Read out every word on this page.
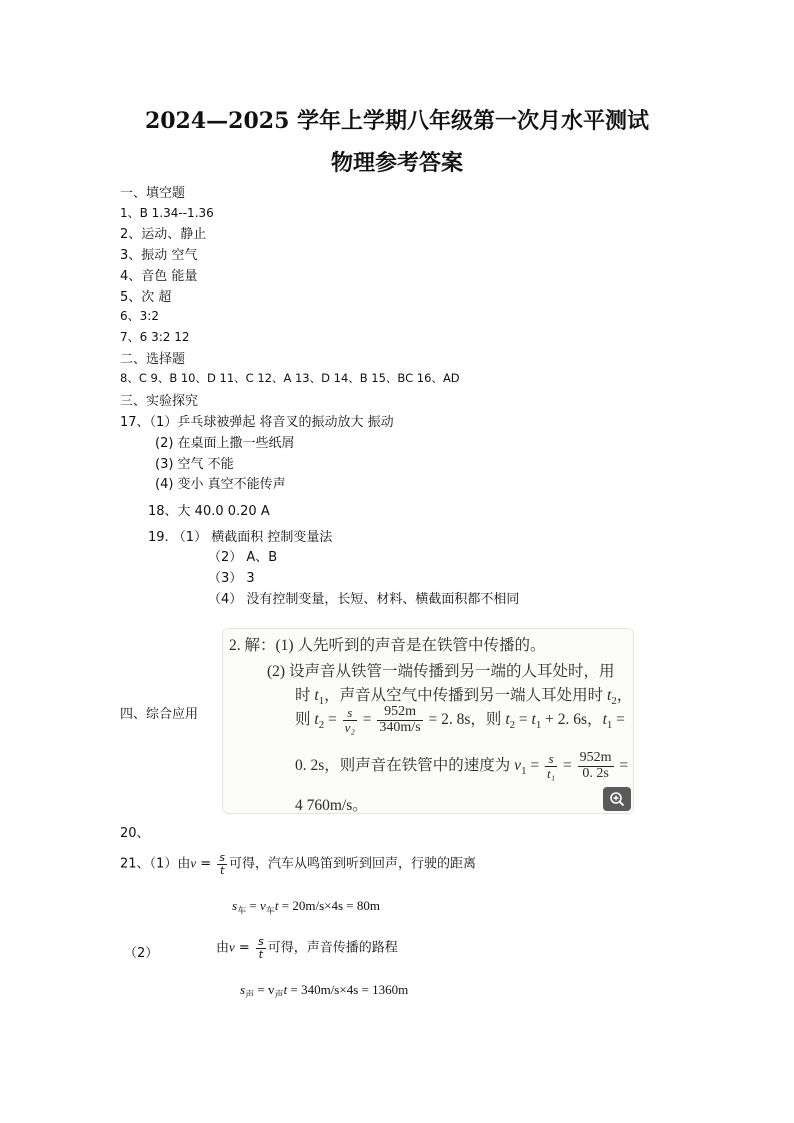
2024—2025 学年上学期八年级第一次月水平测试
物理参考答案
一、填空题
1、B 1.34--1.36
2、运动、静止
3、振动 空气
4、音色 能量
5、次 超
6、3:2
7、6 3:2 12
二、选择题
8、C 9、B 10、D 11、C 12、A 13、D 14、B 15、BC 16、AD
三、实验探究
17、（1）乒乓球被弹起 将音叉的振动放大 振动
(2) 在桌面上撒一些纸屑
(3) 空气 不能
(4) 变小 真空不能传声
18、大 40.0 0.20 A
19. （1） 横截面积 控制变量法
（2） A、B
（3） 3
（4） 没有控制变量，长短、材料、横截面积都不相同
四、综合应用
2. 解：(1) 人先听到的声音是在铁管中传播的。
(2) 设声音从铁管一端传播到另一端的人耳处时，用
时 $t_1$，声音从空气中传播到另一端人耳处用时 $t_2$，
则 $t_2 = \frac{s}{\text{v₂}} = \frac{952m}{340m/s} = 2$. 8s，则 $t_2 = t_1 + 2$. 6s，$t_1$ =
0. 2s，则声音在铁管中的速度为 $v_1 = \frac{s}{\text{t₁}} = \frac{952m}{0. 2s}$ =
4 760m/s。
20、
21、（1）由$v = \frac{s}{t}$ 可得，汽车从鸣笛到听到回声，行驶的距离
$s_车 = v_车t = 20m/s\times 4s = 80m$
（2）	由$v = \frac{s}{t}$ 可得，声音传播的路程
$s_声 = v_声t = 340m/s\times 4s = 1360m$
